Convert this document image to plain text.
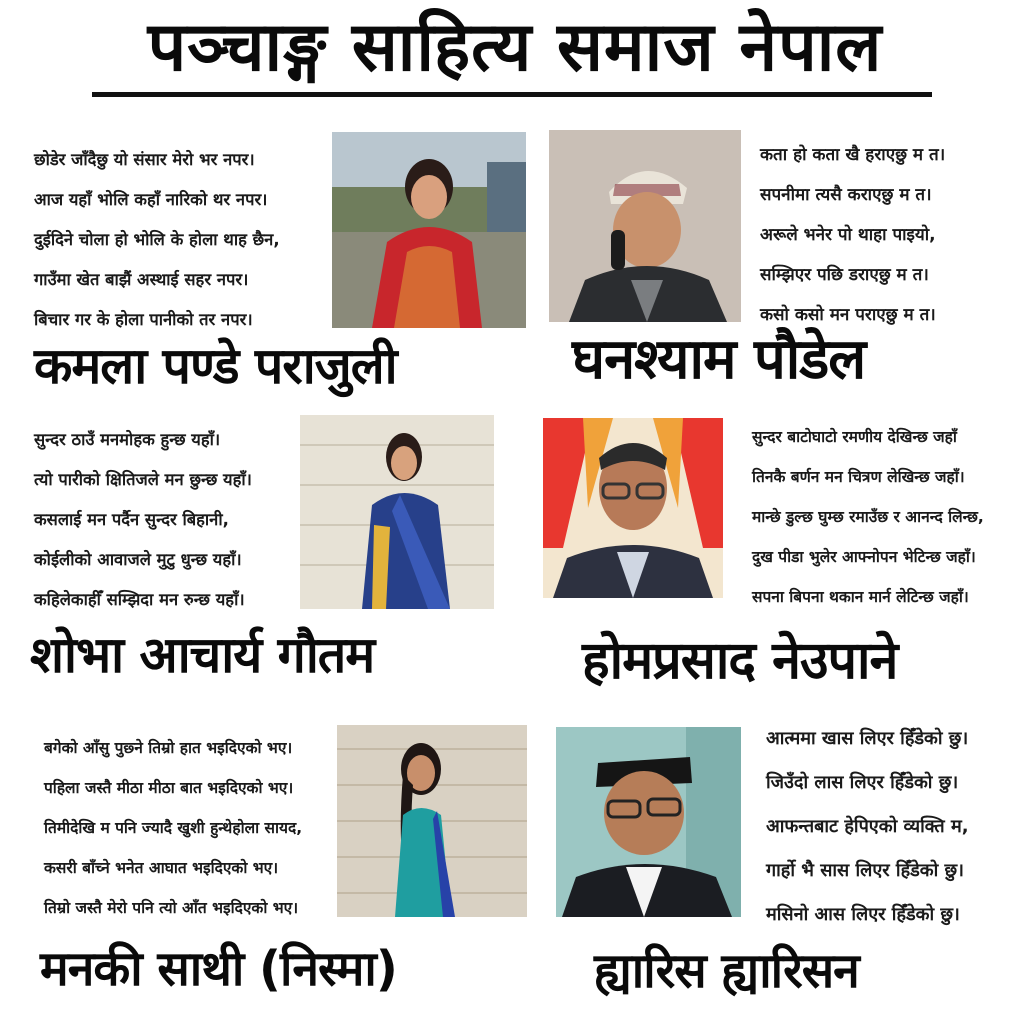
पञ्चाङ्ग साहित्य समाज नेपाल
छोडेर जाँदैछु यो संसार मेरो भर नपर।
आज यहाँ भोलि कहाँ नारिको थर नपर।
दुईदिने चोला हो भोलि के होला थाह छैन,
गाउँमा खेत बाझैं अस्थाई सहर नपर।
बिचार गर के होला पानीको तर नपर।
कमला पण्डे पराजुली
कता हो कता खै हराएछु म त।
सपनीमा त्यसै कराएछु म त।
अरूले भनेर पो थाहा पाइयो,
सम्झिएर पछि डराएछु म त।
कसो कसो मन पराएछु म त।
घनश्याम पौडेल
सुन्दर ठाउँ मनमोहक हुन्छ यहाँ।
त्यो पारीको क्षितिजले मन छुन्छ यहाँ।
कसलाई मन पर्दैन सुन्दर बिहानी,
कोईलीको आवाजले मुटु धुन्छ यहाँ।
कहिलेकाहीँ सम्झिदा मन रुन्छ यहाँ।
शोभा आचार्य गौतम
सुन्दर बाटोघाटो रमणीय देखिन्छ जहाँ
तिनकै बर्णन मन चित्रण लेखिन्छ जहाँ।
मान्छे डुल्छ घुम्छ रमाउँछ र आनन्द लिन्छ,
दुख पीडा भुलेर आफ्नोपन भेटिन्छ जहाँ।
सपना बिपना थकान मार्न लेटिन्छ जहाँ।
होमप्रसाद नेउपाने
बगेको आँसु पुछ्ने तिम्रो हात भइदिएको भए।
पहिला जस्तै मीठा मीठा बात भइदिएको भए।
तिमीदेखि म पनि ज्यादै खुशी हुन्थेहोला सायद,
कसरी बाँच्ने भनेत आघात भइदिएको भए।
तिम्रो जस्तै मेरो पनि त्यो आँत भइदिएको भए।
मनकी साथी (निस्मा)
आत्ममा खास लिएर हिँडेको छु।
जिउँदो लास लिएर हिँडेको छु।
आफन्तबाट हेपिएको व्यक्ति म,
गार्हो भै सास लिएर हिँडेको छु।
मसिनो आस लिएर हिँडेको छु।
ह्यारिस ह्यारिसन
